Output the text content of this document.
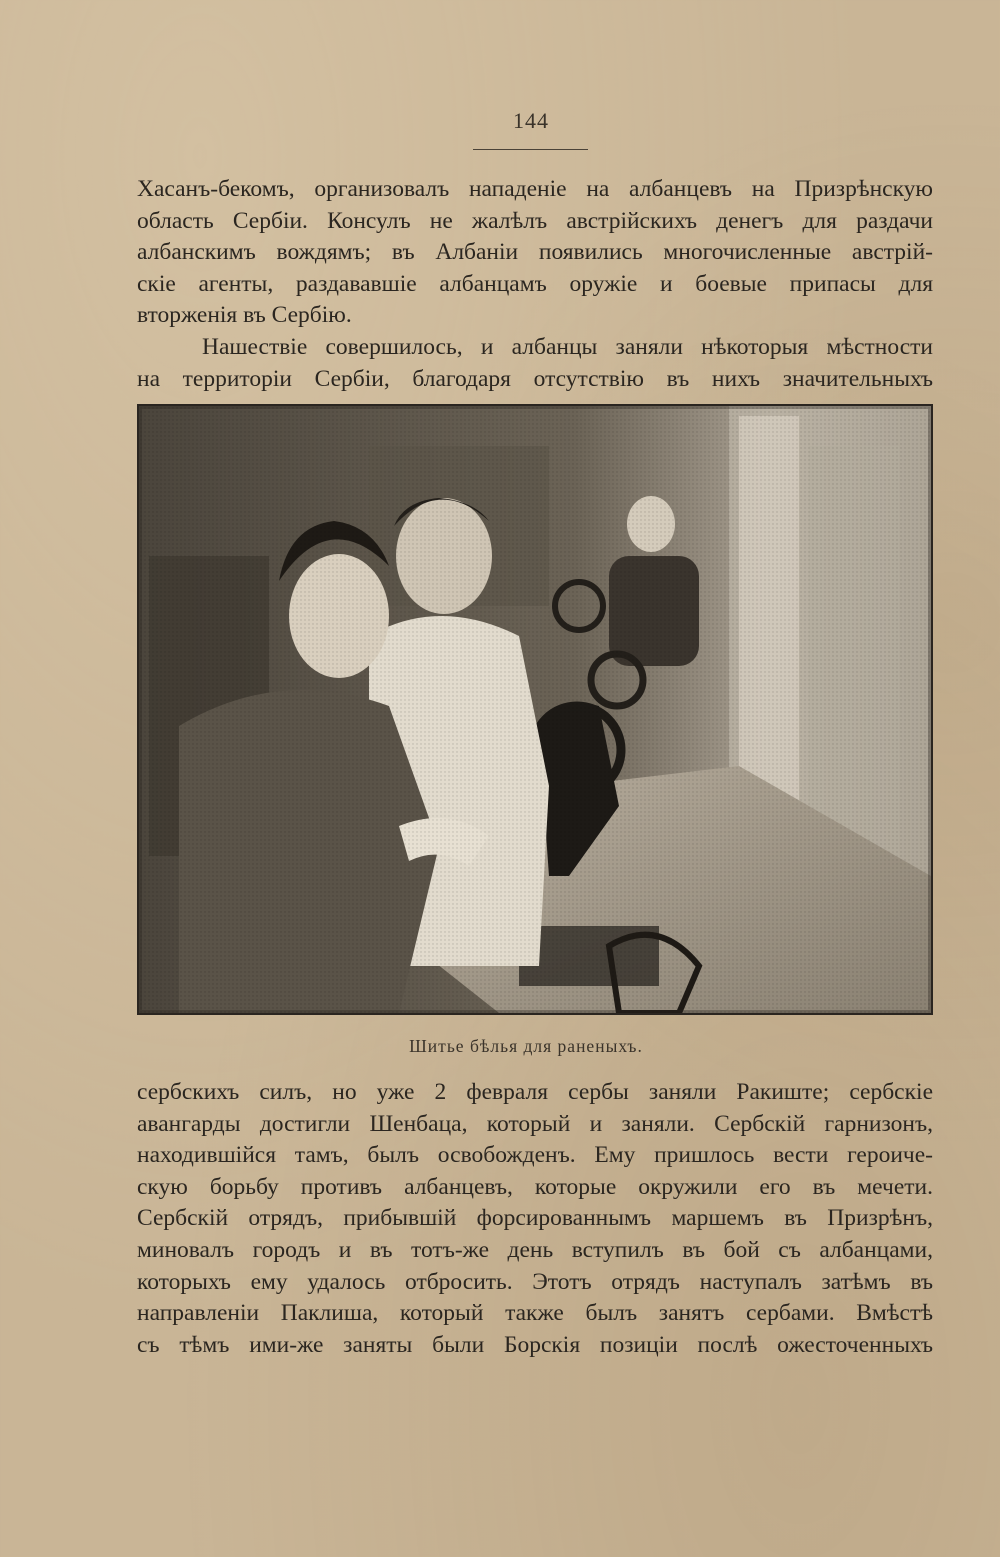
144
Хасанъ-бекомъ, организовалъ нападеніе на албанцевъ на Призрѣнскую
область Сербіи. Консулъ не жалѣлъ австрійскихъ денегъ для раздачи
албанскимъ вождямъ; въ Албаніи появились многочисленные австрій-
скіе агенты, раздававшіе албанцамъ оружіе и боевые припасы для
вторженія въ Сербію.
Нашествіе совершилось, и албанцы заняли нѣкоторыя мѣстности
на территоріи Сербіи, благодаря отсутствію въ нихъ значительныхъ
Шитье бѣлья для раненыхъ.
сербскихъ силъ, но уже 2 февраля сербы заняли Ракиште; сербскіе
авангарды достигли Шенбаца, который и заняли. Сербскій гарнизонъ,
находившійся тамъ, былъ освобожденъ. Ему пришлось вести героиче-
скую борьбу противъ албанцевъ, которые окружили его въ мечети.
Сербскій отрядъ, прибывшій форсированнымъ маршемъ въ Призрѣнъ,
миновалъ городъ и въ тотъ-же день вступилъ въ бой съ албанцами,
которыхъ ему удалось отбросить. Этотъ отрядъ наступалъ затѣмъ въ
направленіи Паклиша, который также былъ занятъ сербами. Вмѣстѣ
съ тѣмъ ими-же заняты были Борскія позиціи послѣ ожесточенныхъ
